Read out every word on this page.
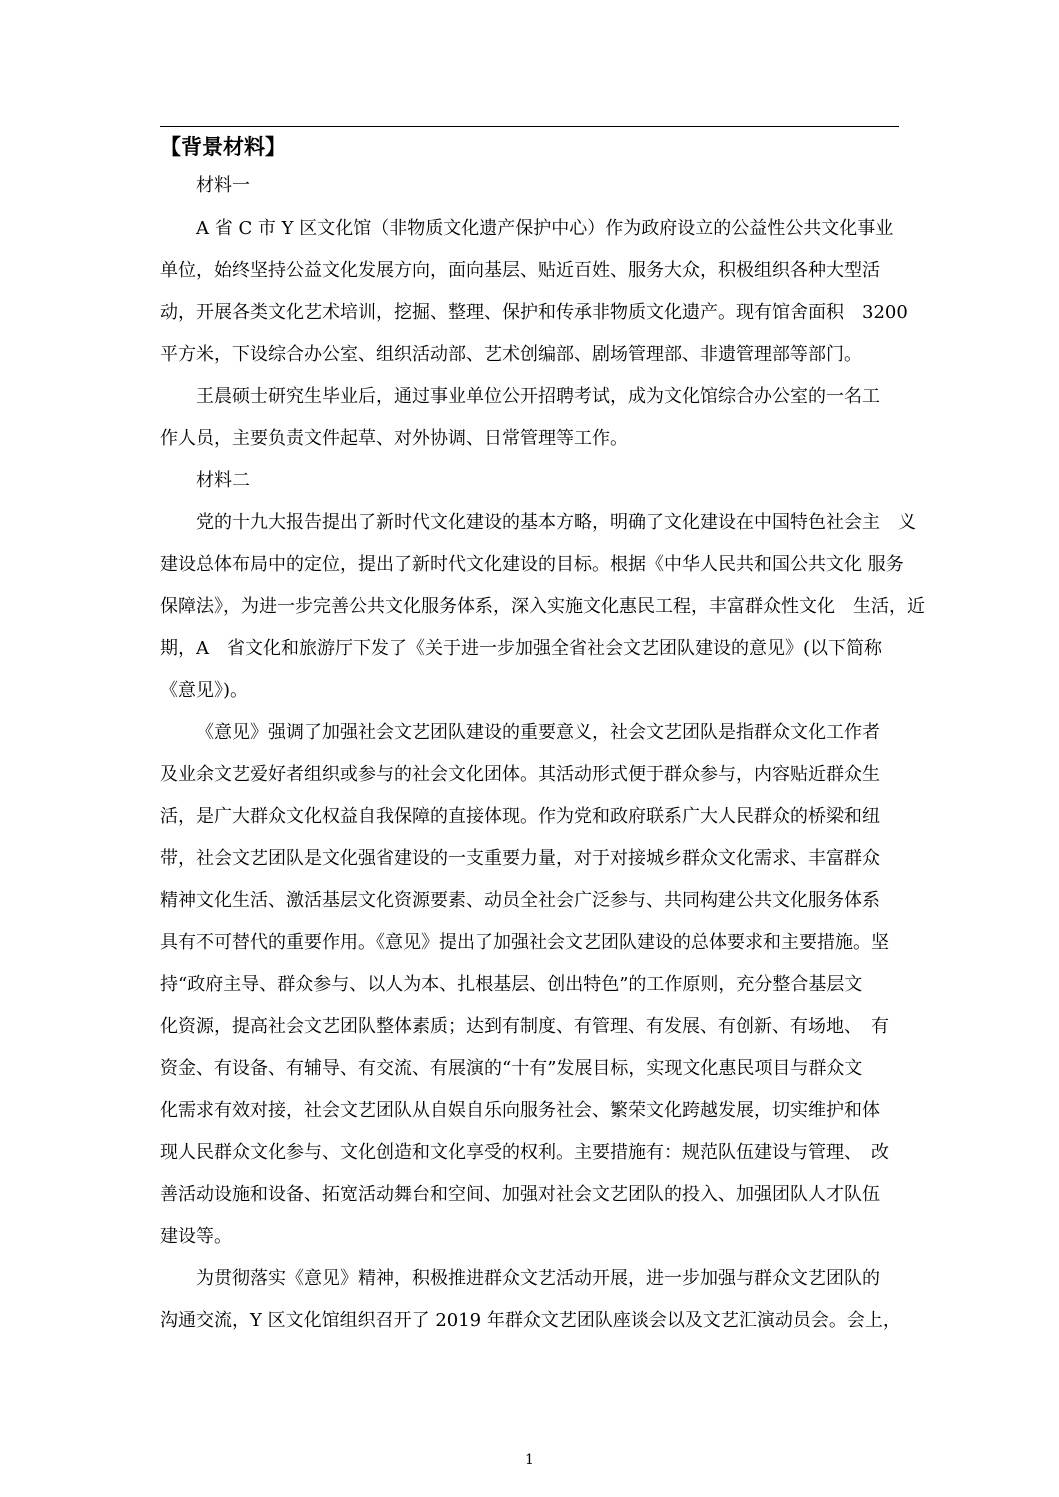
【背景材料】

材料一

A 省 C 市 Y 区文化馆（非物质文化遗产保护中心）作为政府设立的公益性公共文化事业

单位，始终坚持公益文化发展方向，面向基层、贴近百姓、服务大众，积极组织各种大型活

动，开展各类文化艺术培训，挖掘、整理、保护和传承非物质文化遗产。现有馆舍面积　3200

平方米，下设综合办公室、组织活动部、艺术创编部、剧场管理部、非遗管理部等部门。

王晨硕士研究生毕业后，通过事业单位公开招聘考试，成为文化馆综合办公室的一名工

作人员，主要负责文件起草、对外协调、日常管理等工作。

材料二

党的十九大报告提出了新时代文化建设的基本方略，明确了文化建设在中国特色社会主　义

建设总体布局中的定位，提出了新时代文化建设的目标。根据《中华人民共和国公共文化 服务

保障法》，为进一步完善公共文化服务体系，深入实施文化惠民工程，丰富群众性文化　生活，近

期，A　省文化和旅游厅下发了《关于进一步加强全省社会文艺团队建设的意见》(以下简称

《意见》)。

《意见》强调了加强社会文艺团队建设的重要意义，社会文艺团队是指群众文化工作者

及业余文艺爱好者组织或参与的社会文化团体。其活动形式便于群众参与，内容贴近群众生

活，是广大群众文化权益自我保障的直接体现。作为党和政府联系广大人民群众的桥梁和纽

带，社会文艺团队是文化强省建设的一支重要力量，对于对接城乡群众文化需求、丰富群众

精神文化生活、激活基层文化资源要素、动员全社会广泛参与、共同构建公共文化服务体系

具有不可替代的重要作用。《意见》提出了加强社会文艺团队建设的总体要求和主要措施。坚

持“政府主导、群众参与、以人为本、扎根基层、创出特色”的工作原则，充分整合基层文

化资源，提高社会文艺团队整体素质；达到有制度、有管理、有发展、有创新、有场地、　有

资金、有设备、有辅导、有交流、有展演的“十有”发展目标，实现文化惠民项目与群众文

化需求有效对接，社会文艺团队从自娱自乐向服务社会、繁荣文化跨越发展，切实维护和体

现人民群众文化参与、文化创造和文化享受的权利。主要措施有：规范队伍建设与管理、　改

善活动设施和设备、拓宽活动舞台和空间、加强对社会文艺团队的投入、加强团队人才队伍

建设等。

为贯彻落实《意见》精神，积极推进群众文艺活动开展，进一步加强与群众文艺团队的

沟通交流，Y 区文化馆组织召开了 2019 年群众文艺团队座谈会以及文艺汇演动员会。会上，

1
